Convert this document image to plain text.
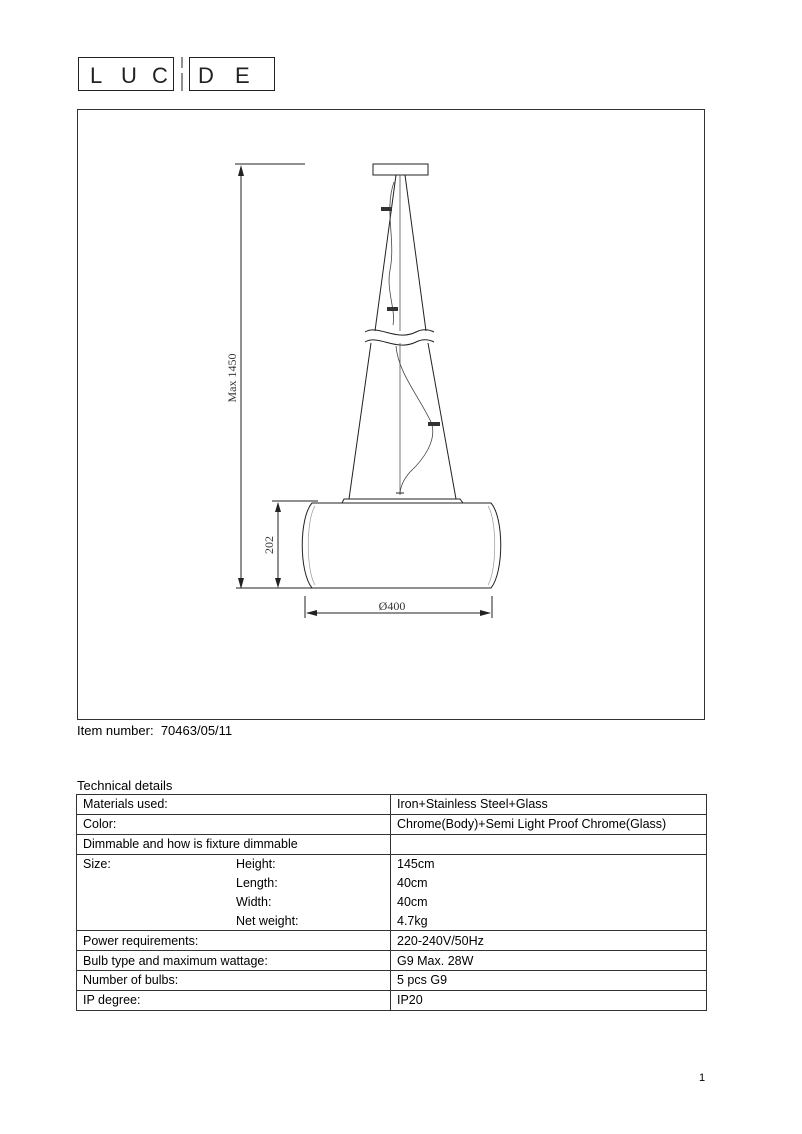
L U C D E
Max 1450
202
Ø400
Item number: 70463/05/11
Technical details
Materials used:		Iron+Stainless Steel+Glass
Color:		Chrome(Body)+Semi Light Proof Chrome(Glass)
Dimmable and how is fixture dimmable		
Size:	Height:	145cm
	Length:	40cm
	Width:	40cm
	Net weight:	4.7kg
Power requirements:		220-240V/50Hz
Bulb type and maximum wattage:		G9 Max. 28W
Number of bulbs:		5 pcs G9
IP degree:		IP20
1
